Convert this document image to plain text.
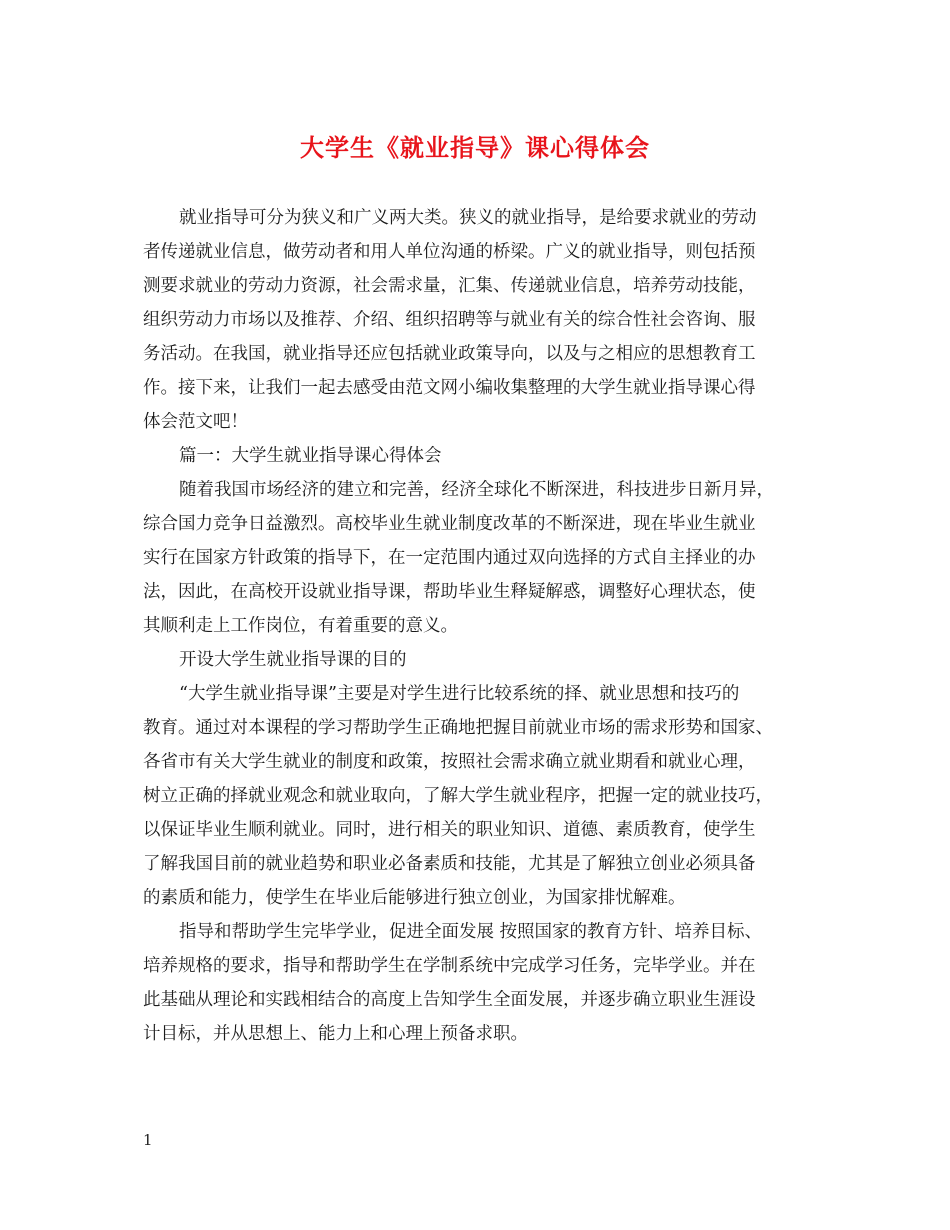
大学生《就业指导》课心得体会
就业指导可分为狭义和广义两大类。狭义的就业指导，是给要求就业的劳动
者传递就业信息，做劳动者和用人单位沟通的桥梁。广义的就业指导，则包括预
测要求就业的劳动力资源，社会需求量，汇集、传递就业信息，培养劳动技能，
组织劳动力市场以及推荐、介绍、组织招聘等与就业有关的综合性社会咨询、服
务活动。在我国，就业指导还应包括就业政策导向，以及与之相应的思想教育工
作。接下来，让我们一起去感受由范文网小编收集整理的大学生就业指导课心得
体会范文吧！
篇一：大学生就业指导课心得体会
随着我国市场经济的建立和完善，经济全球化不断深进，科技进步日新月异，
综合国力竞争日益激烈。高校毕业生就业制度改革的不断深进，现在毕业生就业
实行在国家方针政策的指导下，在一定范围内通过双向选择的方式自主择业的办
法，因此，在高校开设就业指导课，帮助毕业生释疑解惑，调整好心理状态，使
其顺利走上工作岗位，有着重要的意义。
开设大学生就业指导课的目的
“大学生就业指导课”主要是对学生进行比较系统的择、就业思想和技巧的
教育。通过对本课程的学习帮助学生正确地把握目前就业市场的需求形势和国家、
各省市有关大学生就业的制度和政策，按照社会需求确立就业期看和就业心理，
树立正确的择就业观念和就业取向，了解大学生就业程序，把握一定的就业技巧，
以保证毕业生顺利就业。同时，进行相关的职业知识、道德、素质教育，使学生
了解我国目前的就业趋势和职业必备素质和技能，尤其是了解独立创业必须具备
的素质和能力，使学生在毕业后能够进行独立创业，为国家排忧解难。
指导和帮助学生完毕学业，促进全面发展 按照国家的教育方针、培养目标、
培养规格的要求，指导和帮助学生在学制系统中完成学习任务，完毕学业。并在
此基础从理论和实践相结合的高度上告知学生全面发展，并逐步确立职业生涯设
计目标，并从思想上、能力上和心理上预备求职。
1
